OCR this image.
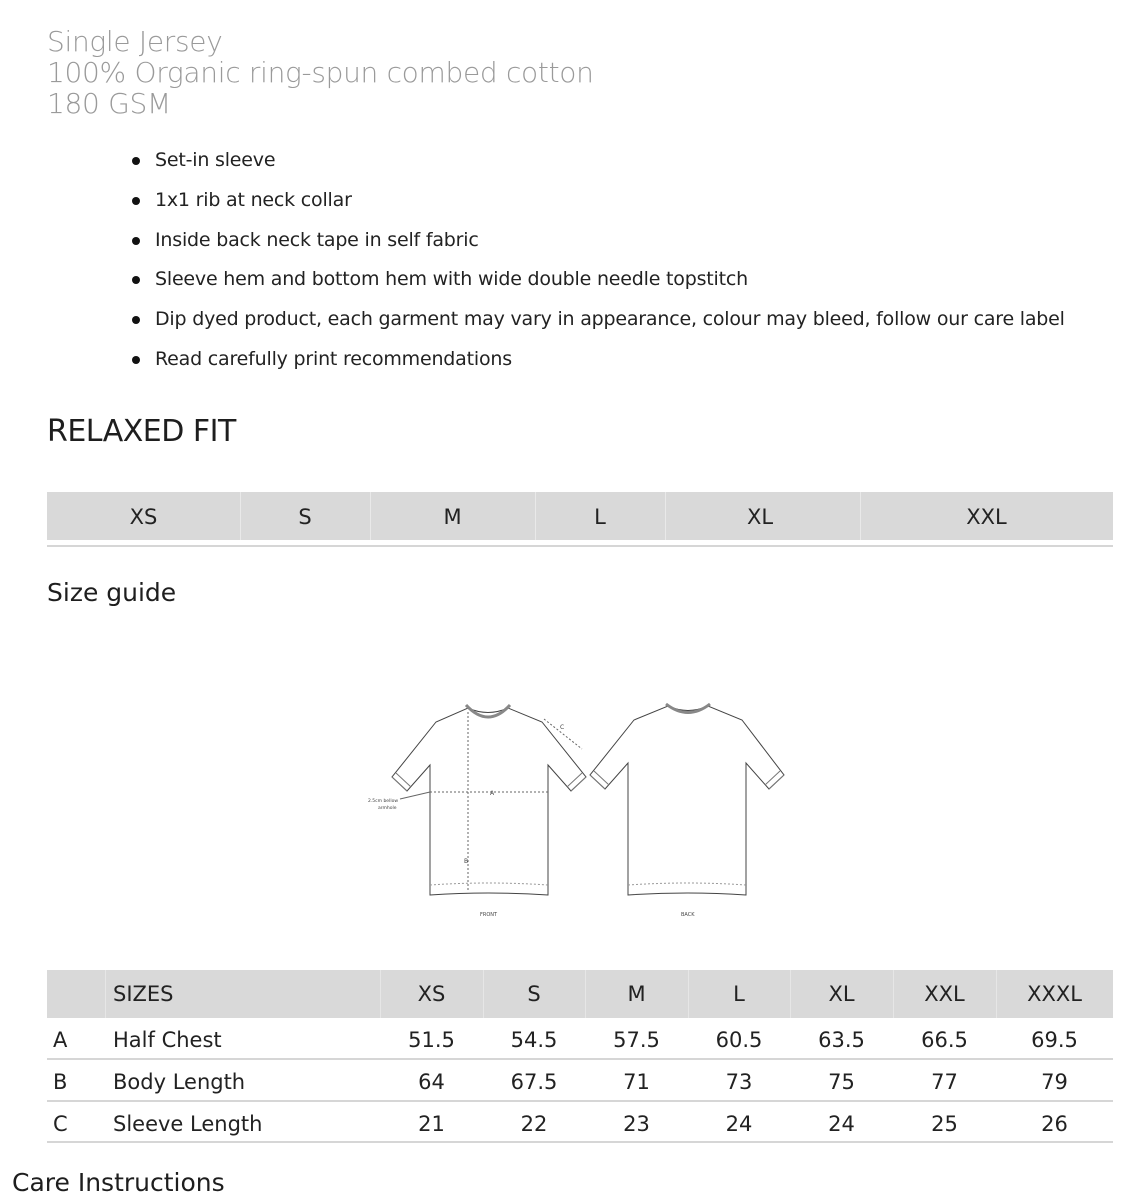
Single Jersey
100% Organic ring-spun combed cotton
180 GSM
Set-in sleeve
1x1 rib at neck collar
Inside back neck tape in self fabric
Sleeve hem and bottom hem with wide double needle topstitch
Dip dyed product, each garment may vary in appearance, colour may bleed, follow our care label
Read carefully print recommendations
RELAXED FIT
XS	S	M	L	XL	XXL
Size guide
A
B
C
2.5cm bellow
armhole
FRONT	BACK
SIZES	XS	S	M	L	XL	XXL	XXXL
A Half Chest	51.5	54.5	57.5	60.5	63.5	66.5	69.5
B Body Length	64	67.5	71	73	75	77	79
C Sleeve Length	21	22	23	24	24	25	26
Care Instructions
